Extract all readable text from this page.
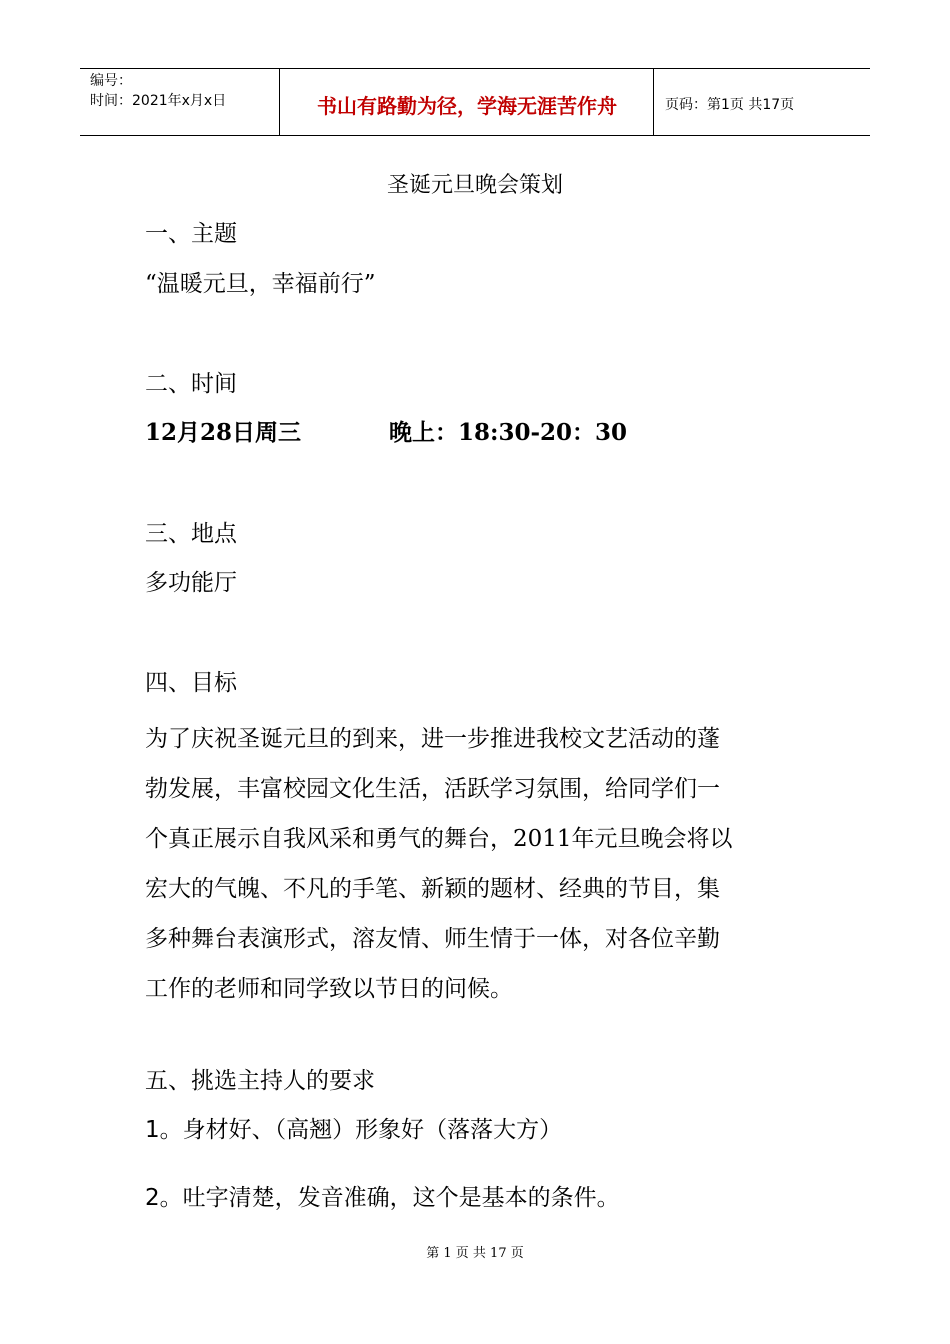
编号：
时间：2021年x月x日	书山有路勤为径，学海无涯苦作舟	页码：第1页 共17页
圣诞元旦晚会策划
一、主题
“温暖元旦，幸福前行”
二、时间
12月28日周三	晚上：18:30-20：30
三、地点
多功能厅
四、目标
为了庆祝圣诞元旦的到来，进一步推进我校文艺活动的蓬
勃发展，丰富校园文化生活，活跃学习氛围，给同学们一
个真正展示自我风采和勇气的舞台，2011年元旦晚会将以
宏大的气魄、不凡的手笔、新颖的题材、经典的节目，集
多种舞台表演形式，溶友情、师生情于一体，对各位辛勤
工作的老师和同学致以节日的问候。
五、挑选主持人的要求
1。身材好、（高翘）形象好（落落大方）
2。吐字清楚，发音准确，这个是基本的条件。
第 1 页 共 17 页
